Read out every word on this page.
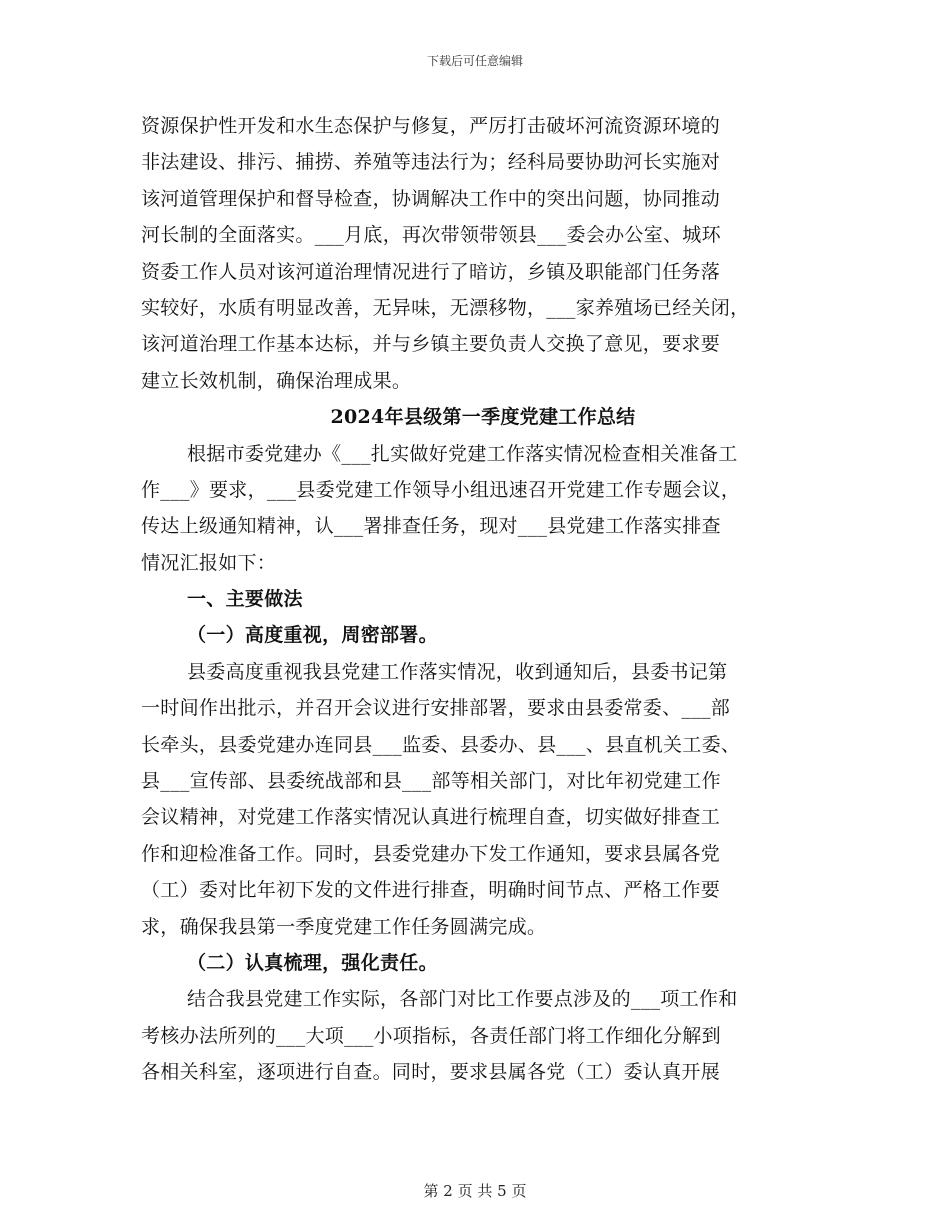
下载后可任意编辑
资源保护性开发和水生态保护与修复，严厉打击破坏河流资源环境的
非法建设、排污、捕捞、养殖等违法行为；经科局要协助河长实施对
该河道管理保护和督导检查，协调解决工作中的突出问题，协同推动
河长制的全面落实。___月底，再次带领带领县___委会办公室、城环
资委工作人员对该河道治理情况进行了暗访，乡镇及职能部门任务落
实较好，水质有明显改善，无异味，无漂移物，___家养殖场已经关闭，
该河道治理工作基本达标，并与乡镇主要负责人交换了意见，要求要
建立长效机制，确保治理成果。
2024年县级第一季度党建工作总结
根据市委党建办《___扎实做好党建工作落实情况检查相关准备工
作___》要求，___县委党建工作领导小组迅速召开党建工作专题会议，
传达上级通知精神，认___署排查任务，现对___县党建工作落实排查
情况汇报如下：
一、主要做法
（一）高度重视，周密部署。
县委高度重视我县党建工作落实情况，收到通知后，县委书记第
一时间作出批示，并召开会议进行安排部署，要求由县委常委、___部
长牵头，县委党建办连同县___监委、县委办、县___、县直机关工委、
县___宣传部、县委统战部和县___部等相关部门，对比年初党建工作
会议精神，对党建工作落实情况认真进行梳理自查，切实做好排查工
作和迎检准备工作。同时，县委党建办下发工作通知，要求县属各党
（工）委对比年初下发的文件进行排查，明确时间节点、严格工作要
求，确保我县第一季度党建工作任务圆满完成。
（二）认真梳理，强化责任。
结合我县党建工作实际，各部门对比工作要点涉及的___项工作和
考核办法所列的___大项___小项指标，各责任部门将工作细化分解到
各相关科室，逐项进行自查。同时，要求县属各党（工）委认真开展
第 2 页 共 5 页
